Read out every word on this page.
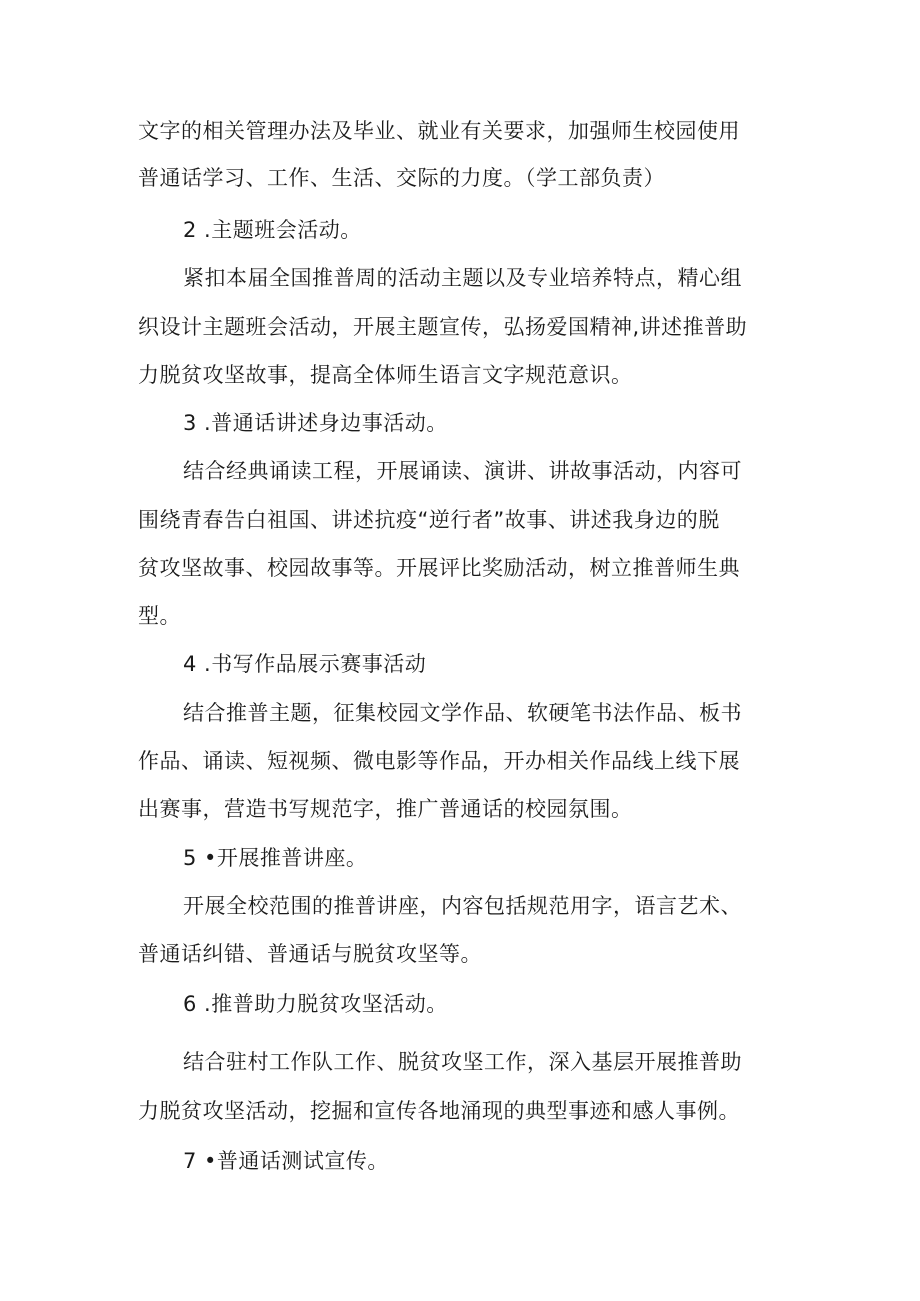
文字的相关管理办法及毕业、就业有关要求，加强师生校园使用
普通话学习、工作、生活、交际的力度。（学工部负责）
2 .主题班会活动。
紧扣本届全国推普周的活动主题以及专业培养特点，精心组
织设计主题班会活动，开展主题宣传，弘扬爱国精神,讲述推普助
力脱贫攻坚故事，提高全体师生语言文字规范意识。
3 .普通话讲述身边事活动。
结合经典诵读工程，开展诵读、演讲、讲故事活动，内容可
围绕青春告白祖国、讲述抗疫“逆行者”故事、讲述我身边的脱
贫攻坚故事、校园故事等。开展评比奖励活动，树立推普师生典
型。
4 .书写作品展示赛事活动
结合推普主题，征集校园文学作品、软硬笔书法作品、板书
作品、诵读、短视频、微电影等作品，开办相关作品线上线下展
出赛事，营造书写规范字，推广普通话的校园氛围。
5 •开展推普讲座。
开展全校范围的推普讲座，内容包括规范用字，语言艺术、
普通话纠错、普通话与脱贫攻坚等。
6 .推普助力脱贫攻坚活动。
结合驻村工作队工作、脱贫攻坚工作，深入基层开展推普助
力脱贫攻坚活动，挖掘和宣传各地涌现的典型事迹和感人事例。
7 •普通话测试宣传。
